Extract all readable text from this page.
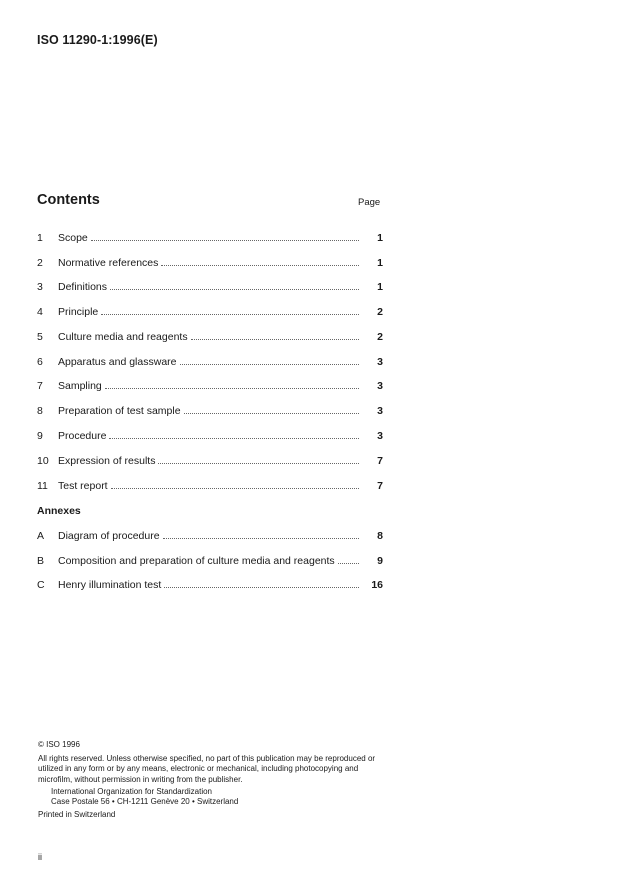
ISO 11290-1:1996(E)
Contents	Page
1	Scope	1
2	Normative references	1
3	Definitions	1
4	Principle	2
5	Culture media and reagents	2
6	Apparatus and glassware	3
7	Sampling	3
8	Preparation of test sample	3
9	Procedure	3
10 Expression of results	7
11 Test report	7
Annexes
A	Diagram of procedure	8
B	Composition and preparation of culture media and reagents	9
C	Henry illumination test	16
© ISO 1996
All rights reserved. Unless otherwise specified, no part of this publication may be reproduced or utilized in any form or by any means, electronic or mechanical, including photocopying and microfilm, without permission in writing from the publisher.
International Organization for Standardization
Case Postale 56 • CH-1211 Genève 20 • Switzerland
Printed in Switzerland
ii
